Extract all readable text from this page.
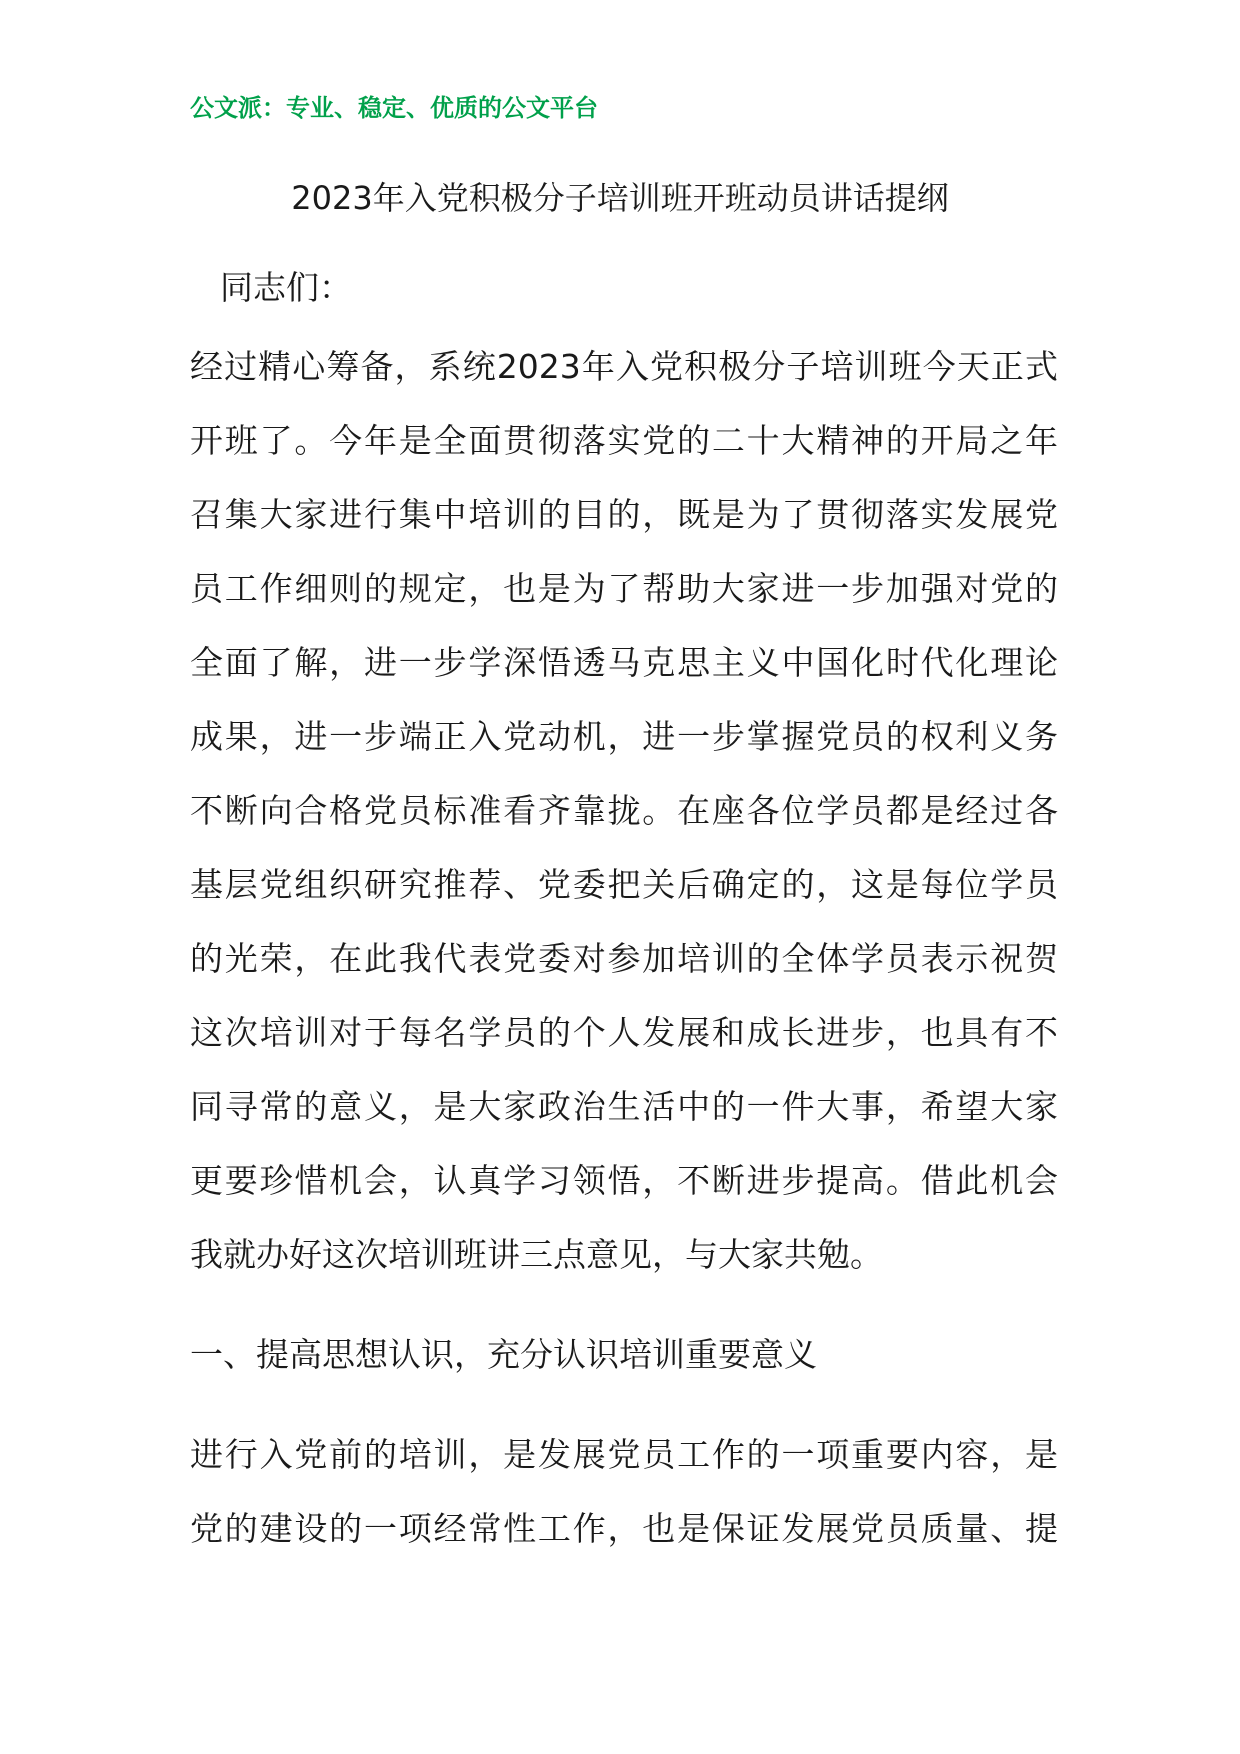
公文派：专业、稳定、优质的公文平台
2023年入党积极分子培训班开班动员讲话提纲
同志们：
经过精心筹备，系统2023年入党积极分子培训班今天正式
开班了。今年是全面贯彻落实党的二十大精神的开局之年
召集大家进行集中培训的目的，既是为了贯彻落实发展党
员工作细则的规定，也是为了帮助大家进一步加强对党的
全面了解，进一步学深悟透马克思主义中国化时代化理论
成果，进一步端正入党动机，进一步掌握党员的权利义务
不断向合格党员标准看齐靠拢。在座各位学员都是经过各
基层党组织研究推荐、党委把关后确定的，这是每位学员
的光荣，在此我代表党委对参加培训的全体学员表示祝贺
这次培训对于每名学员的个人发展和成长进步，也具有不
同寻常的意义，是大家政治生活中的一件大事，希望大家
更要珍惜机会，认真学习领悟，不断进步提高。借此机会
我就办好这次培训班讲三点意见，与大家共勉。
一、提高思想认识，充分认识培训重要意义
进行入党前的培训，是发展党员工作的一项重要内容，是
党的建设的一项经常性工作，也是保证发展党员质量、提
